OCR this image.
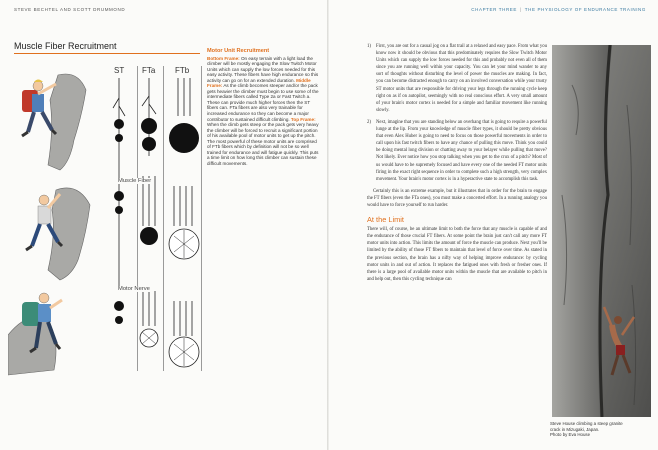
STEVE BECHTEL AND SCOTT DRUMMOND
Muscle Fiber Recruitment
ST FTa FTb
Muscle Fiber
Motor Nerve
Motor Unit Recruitment
Bottom Frame: On easy terrain with a light load the climber will be mostly engaging the Slow Twitch Motor Units which can supply the low forces needed for this easy activity. These fibers have high endurance so this activity can go on for an extended duration. Middle Frame: As the climb becomes steeper and/or the pack gets heavier the climber must begin to use some of the intermediate fibers called Type 2a or Fast Twitch a. These can provide much higher forces then the ST fibers can. FTa fibers are also very trainable for increased endurance so they can become a major contributor to sustained difficult climbing. Top Frame: When the climb gets steep or the pack gets very heavy the climber will be forced to recruit a significant portion of his available pool of motor units to get up the pitch. The most powerful of these motor units are comprised of FTb fibers which by definition will not be so well trained for endurance and will fatigue quickly. This puts a time limit on how long this climber can sustain these difficult movements.
CHAPTER THREE | THE PHYSIOLOGY OF ENDURANCE TRAINING

1) First, you are out for a casual jog on a flat trail at a relaxed and easy pace. From what you know now it should be obvious that this predominately requires the Slow Twitch Motor Units which can supply the low forces needed for this and probably not even all of them since you are running well within your capacity. You can let your mind wander to any sort of thoughts without disturbing the level of power the muscles are making. In fact, you can become distracted enough to carry on an involved conversation while your trusty ST motor units that are responsible for driving your legs through the running cycle keep right on as if on autopilot, seemingly with no real conscious effort. A very small amount of your brain's motor cortex is needed for a simple and familiar movement like running slowly.

2) Next, imagine that you are standing below an overhang that is going to require a powerful lunge at the lip. From your knowledge of muscle fiber types, it should be pretty obvious that even Alex Huber is going to need to focus on those powerful movements in order to call upon his fast twitch fibers to have any chance of pulling this move. Think you could be doing mental long division or chatting away to your belayer while pulling that move? Not likely. Ever notice how you stop talking when you get to the crux of a pitch? Most of us would have to be supremely focused and have every one of the needed FT motor units firing in the exact right sequence in order to complete such a high strength, very complex movement. Your brain's motor cortex is in a hyperactive state to accomplish this task.

Certainly this is an extreme example, but it illustrates that in order for the brain to engage the FT fibers (even the FTa ones), you must make a concerted effort. In a running analogy you would have to force yourself to run harder.

At the Limit

There will, of course, be an ultimate limit to both the force that any muscle is capable of and the endurance of those crucial FT fibers. At some point the brain just can't call any more FT motor units into action. This limits the amount of force the muscle can produce. Next you'll be limited by the ability of those FT fibers to maintain that level of force over time. As stated in the previous section, the brain has a nifty way of helping improve endurance: by cycling motor units in and out of action. It replaces the fatigued ones with fresh or fresher ones. If there is a large pool of available motor units within the muscle that are available to pitch in and help out, then this cycling technique can

Steve House climbing a steep granite
crack in Mizugaki, Japan.
Photo by Eva House
